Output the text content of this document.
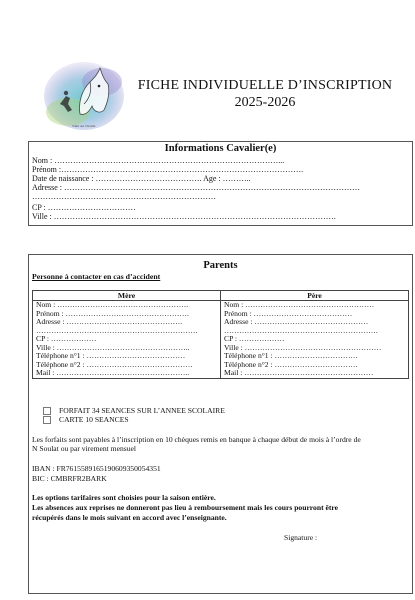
Saint sur Chanin
FICHE INDIVIDUELLE D’INSCRIPTION
2025-2026
Informations Cavalier(e)
Nom : …………………………………………………………………………...
Prénom :……………………………………………………………………………….
Date de naissance : …………………………………. Age : ………..
Adresse : …………………………………………………………………………………………………
……………………………………………………………
CP : ……………………………
Ville : …………………………………………………………………………………………….
Parents
Personne à contacter en cas d’accident
Mère	Père
Nom : …………………………………………….	Nom : ……………………………………………
Prénom : ………………………………………….	Prénom : …………………………………
Adresse : ……………………………………….	Adresse : ………………………………………
……………………………………………………….	…………………………………………………….
CP : ………………	CP : ………………
Ville : ……………………………………………..	Ville : ………………………………………………
Téléphone n°1 : …………………………………	Téléphone n°1 : ……………………………
Téléphone n°2 : ……………………………………	Téléphone n°2 : ……………………………
Mail : ……………………………………………..	Mail : ……………………………………………
FORFAIT 34 SEANCES SUR L’ANNEE SCOLAIRE
CARTE 10 SEANCES
Les forfaits sont payables à l’inscription en 10 chèques remis en banque à chaque début de mois à l’ordre de
N Soulat ou par virement mensuel
IBAN : FR7615589165190609350054351
BIC : CMBRFR2BARK
Les options tarifaires sont choisies pour la saison entière.
Les absences aux reprises ne donneront pas lieu à remboursement mais les cours pourront être
récupérés dans le mois suivant en accord avec l’enseignante.
Signature :
